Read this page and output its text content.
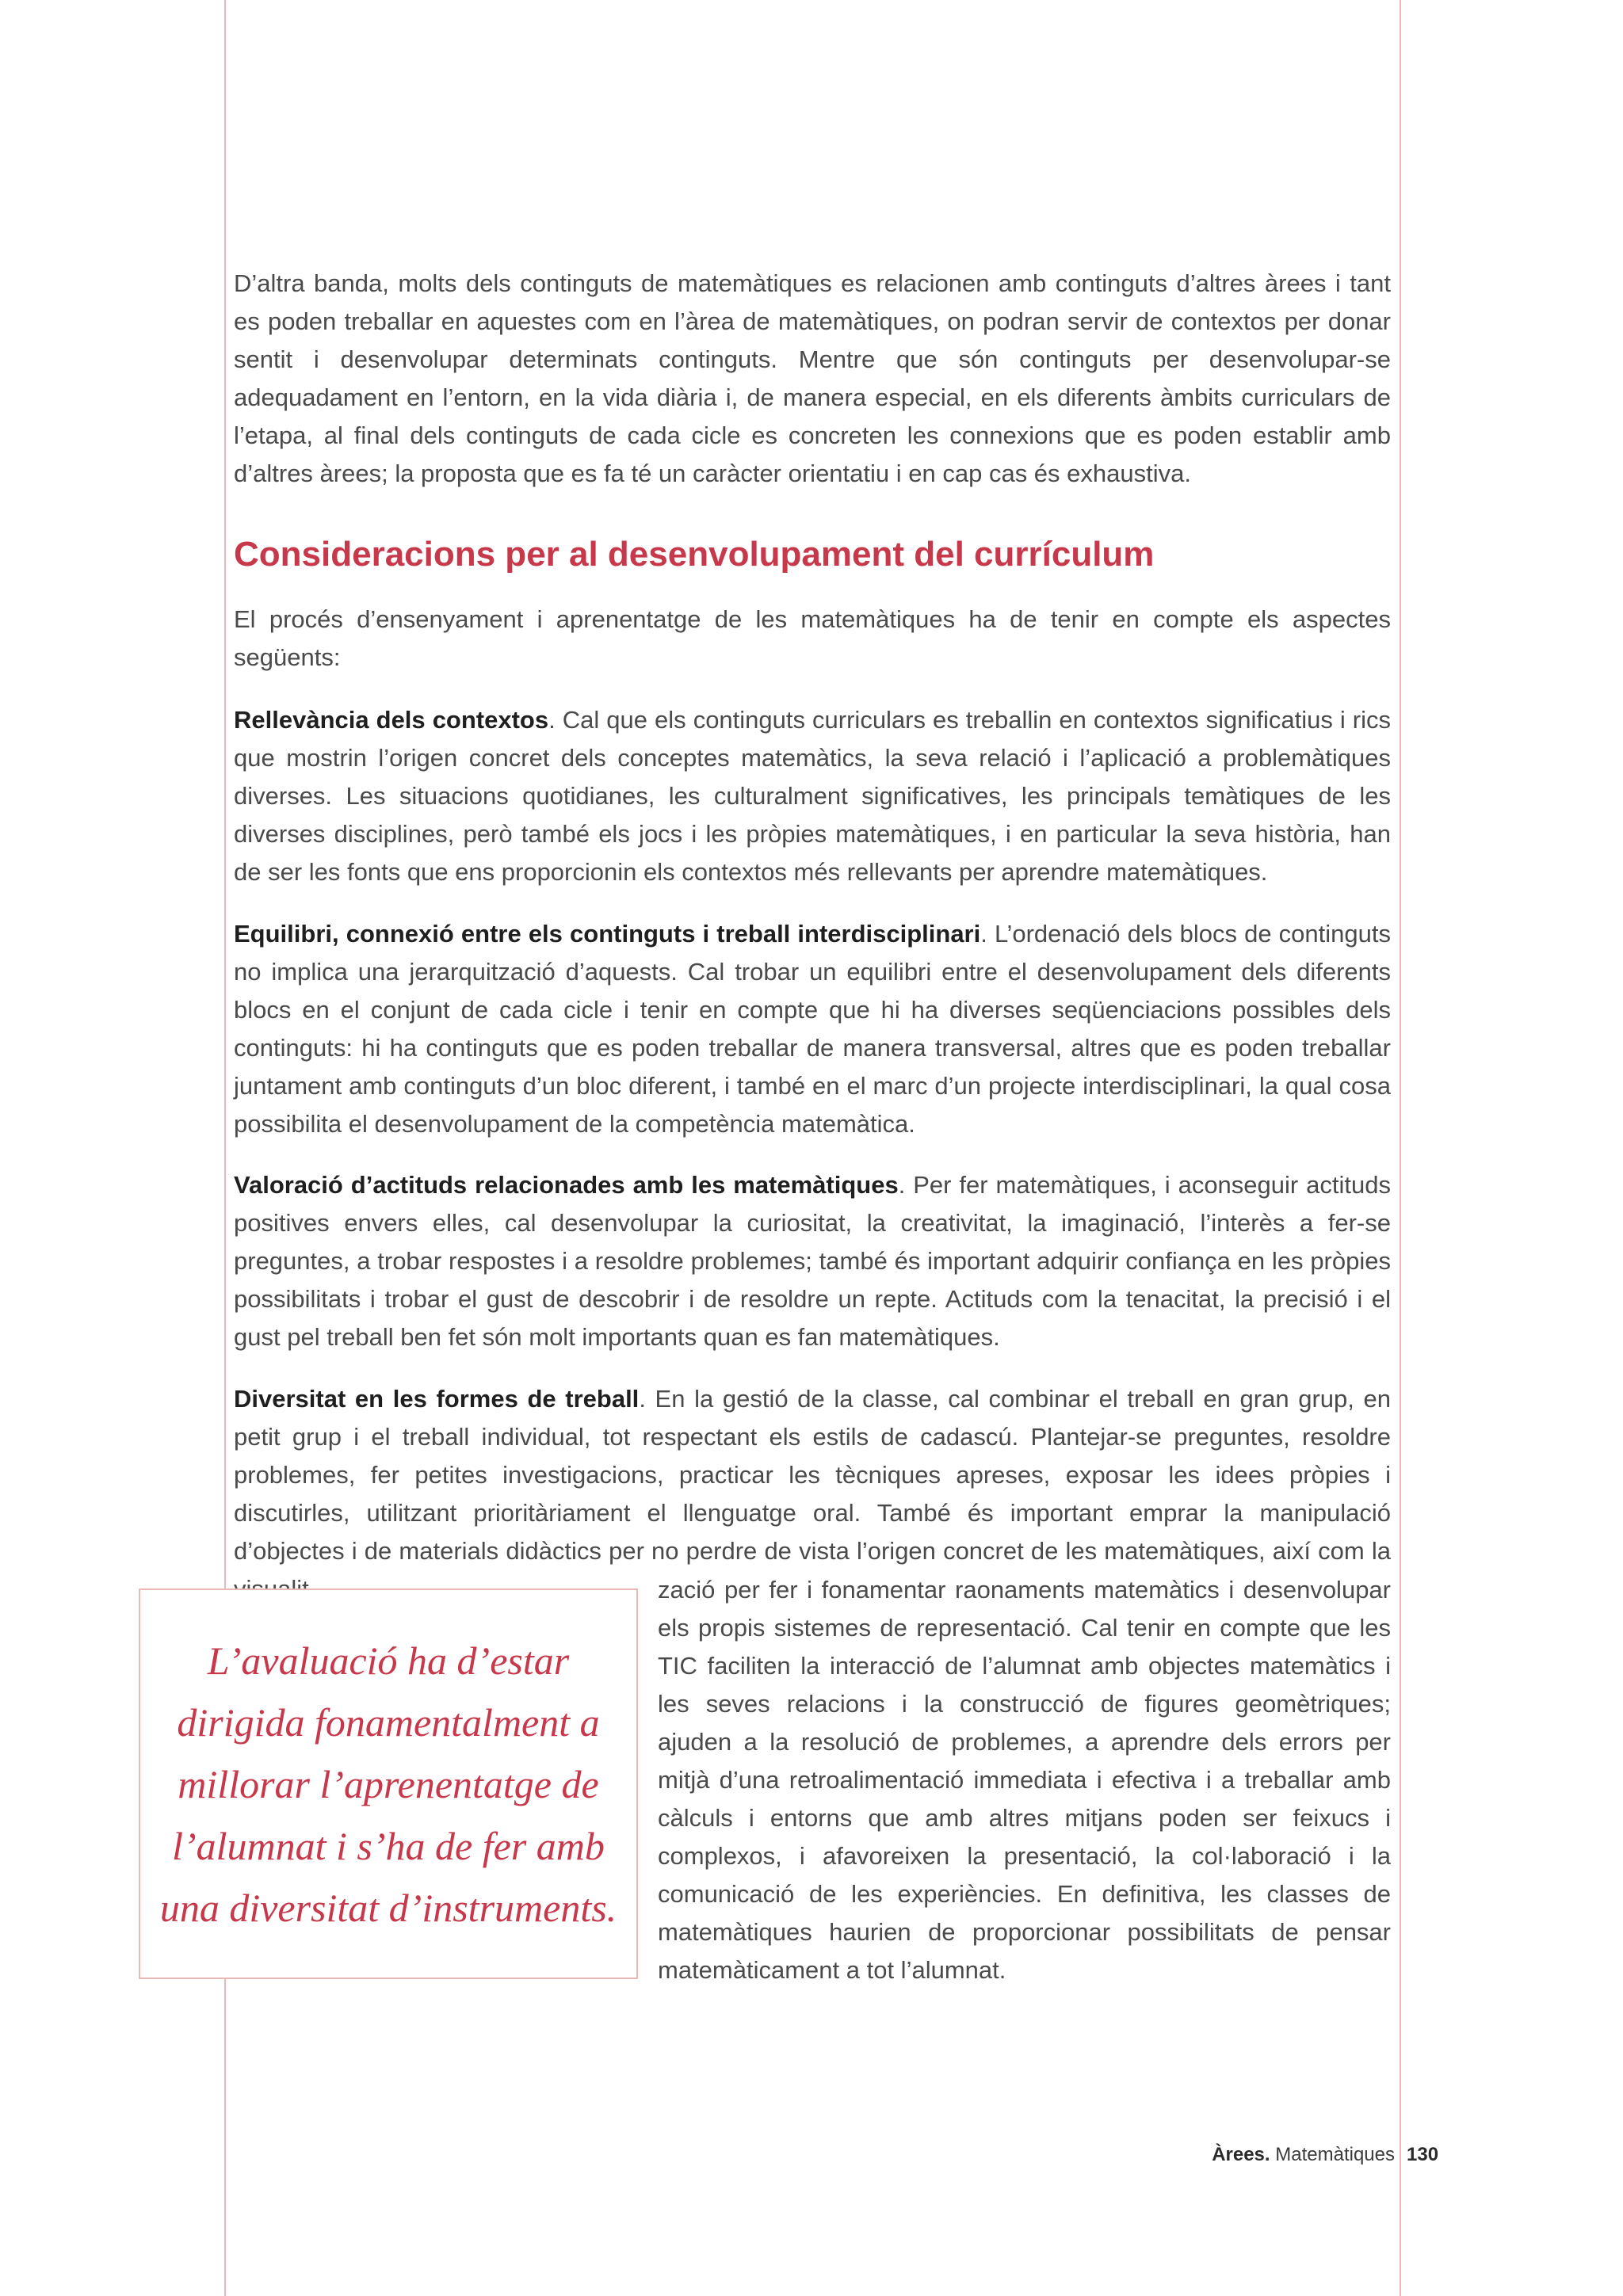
D’altra banda, molts dels continguts de matemàtiques es relacionen amb continguts d’altres àrees i tant es poden treballar en aquestes com en l’àrea de matemàtiques, on podran servir de contextos per donar sentit i desenvolupar determinats continguts. Mentre que són continguts per desenvolupar-se adequadament en l’entorn, en la vida diària i, de manera especial, en els diferents àmbits curriculars de l’etapa, al final dels continguts de cada cicle es concreten les connexions que es poden establir amb d’altres àrees; la proposta que es fa té un caràcter orientatiu i en cap cas és exhaustiva.

Consideracions per al desenvolupament del currículum

El procés d’ensenyament i aprenentatge de les matemàtiques ha de tenir en compte els aspectes següents:

Rellevància dels contextos. Cal que els continguts curriculars es treballin en contextos significatius i rics que mostrin l’origen concret dels conceptes matemàtics, la seva relació i l’aplicació a problemàtiques diverses. Les situacions quotidianes, les culturalment significatives, les principals temàtiques de les diverses disciplines, però també els jocs i les pròpies matemàtiques, i en particular la seva història, han de ser les fonts que ens proporcionin els contextos més rellevants per aprendre matemàtiques.

Equilibri, connexió entre els continguts i treball interdisciplinari. L’ordenació dels blocs de continguts no implica una jerarquització d’aquests. Cal trobar un equilibri entre el desenvolupament dels diferents blocs en el conjunt de cada cicle i tenir en compte que hi ha diverses seqüenciacions possibles dels continguts: hi ha continguts que es poden treballar de manera transversal, altres que es poden treballar juntament amb continguts d’un bloc diferent, i també en el marc d’un projecte interdisciplinari, la qual cosa possibilita el desenvolupament de la competència matemàtica.

Valoració d’actituds relacionades amb les matemàtiques. Per fer matemàtiques, i aconseguir actituds positives envers elles, cal desenvolupar la curiositat, la creativitat, la imaginació, l’interès a fer-se preguntes, a trobar respostes i a resoldre problemes; també és important adquirir confiança en les pròpies possibilitats i trobar el gust de descobrir i de resoldre un repte. Actituds com la tenacitat, la precisió i el gust pel treball ben fet són molt importants quan es fan matemàtiques.

Diversitat en les formes de treball. En la gestió de la classe, cal combinar el treball en gran grup, en petit grup i el treball individual, tot respectant els estils de cadascú. Plantejar-se preguntes, resoldre problemes, fer petites investigacions, practicar les tècniques apreses, exposar les idees pròpies i discutirles, utilitzant prioritàriament el llenguatge oral. També és important emprar la manipulació d’objectes i de materials didàctics per no perdre de vista l’origen concret de les matemàtiques, així com la

zació per fer i fonamentar raonaments matemàtics i desenvolupar els propis sistemes de representació. Cal tenir en compte que les TIC faciliten la interacció de l’alumnat amb objectes matemàtics i les seves relacions i la construcció de figures geomètriques; ajuden a la resolució de problemes, a aprendre dels errors per mitjà d’una retroalimentació immediata i efectiva i a treballar amb càlculs i entorns que amb altres mitjans poden ser feixucs i complexos, i afavoreixen la presentació, la col·laboració i la comunicació de les experiències. En definitiva, les classes de matemàtiques haurien de proporcionar possibilitats de pensar matemàticament a tot l’alumnat.

L’avaluació ha d’estar dirigida fonamentalment a millorar l’aprenentatge de l’alumnat i s’ha de fer amb una diversitat d’instruments.

Àrees. Matemàtiques 130
